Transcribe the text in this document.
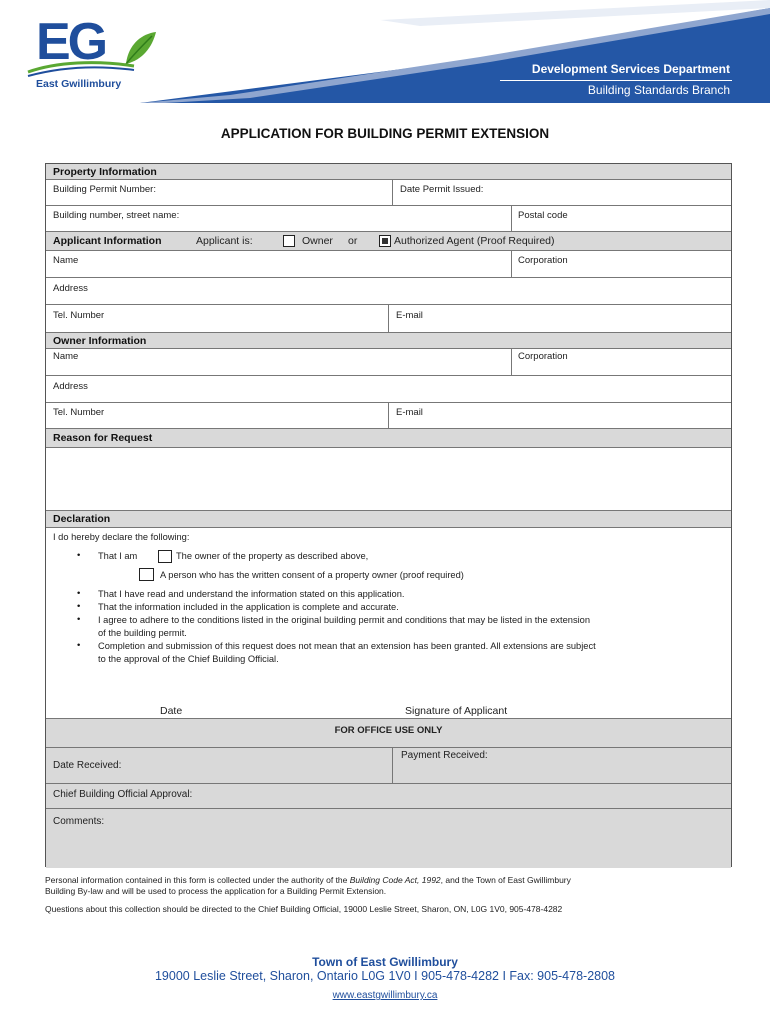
EG
East Gwillimbury
Development Services Department
Building Standards Branch
APPLICATION FOR BUILDING PERMIT EXTENSION
Property Information
Building Permit Number:	Date Permit Issued:
Building number, street name:	Postal code
Applicant Information	Applicant is:	Owner or	Authorized Agent (Proof Required)
Name	Corporation
Address
Tel. Number	E-mail
Owner Information
Name	Corporation
Address
Tel. Number	E-mail
Reason for Request
Declaration
I do hereby declare the following:
• That I am	The owner of the property as described above,
A person who has the written consent of a property owner (proof required)
• That I have read and understand the information stated on this application.
• That the information included in the application is complete and accurate.
• I agree to adhere to the conditions listed in the original building permit and conditions that may be listed in the extension
of the building permit.
• Completion and submission of this request does not mean that an extension has been granted. All extensions are subject
to the approval of the Chief Building Official.
Date	Signature of Applicant
FOR OFFICE USE ONLY
Date Received:
Payment Received:
Chief Building Official Approval:
Comments:
Personal information contained in this form is collected under the authority of the Building Code Act, 1992, and the Town of East Gwillimbury
Building By-law and will be used to process the application for a Building Permit Extension.
Questions about this collection should be directed to the Chief Building Official, 19000 Leslie Street, Sharon, ON, L0G 1V0, 905-478-4282
Town of East Gwillimbury
19000 Leslie Street, Sharon, Ontario L0G 1V0 I 905-478-4282 I Fax: 905-478-2808
www.eastgwillimbury.ca
